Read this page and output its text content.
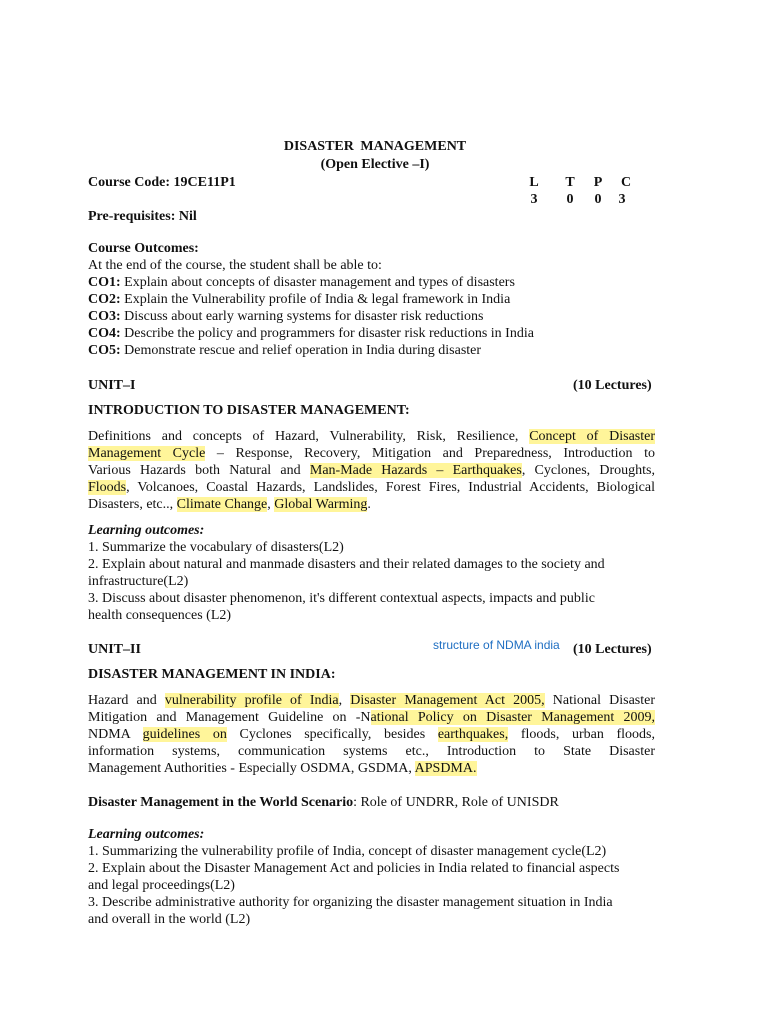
DISASTER MANAGEMENT
(Open Elective –I)
Course Code: 19CE11P1	L T P C
3 0 0 3
Pre-requisites: Nil
Course Outcomes:
At the end of the course, the student shall be able to:
CO1: Explain about concepts of disaster management and types of disasters
CO2: Explain the Vulnerability profile of India & legal framework in India
CO3: Discuss about early warning systems for disaster risk reductions
CO4: Describe the policy and programmers for disaster risk reductions in India
CO5: Demonstrate rescue and relief operation in India during disaster
UNIT–I	(10 Lectures)
INTRODUCTION TO DISASTER MANAGEMENT:
Definitions and concepts of Hazard, Vulnerability, Risk, Resilience, Concept of Disaster
Management Cycle – Response, Recovery, Mitigation and Preparedness, Introduction to
Various Hazards both Natural and Man-Made Hazards – Earthquakes, Cyclones, Droughts,
Floods, Volcanoes, Coastal Hazards, Landslides, Forest Fires, Industrial Accidents, Biological
Disasters, etc.., Climate Change, Global Warming.
Learning outcomes:
1. Summarize the vocabulary of disasters(L2)
2. Explain about natural and manmade disasters and their related damages to the society and
infrastructure(L2)
3. Discuss about disaster phenomenon, it's different contextual aspects, impacts and public
health consequences (L2)
UNIT–II	structure of NDMA india (10 Lectures)
DISASTER MANAGEMENT IN INDIA:
Hazard and vulnerability profile of India, Disaster Management Act 2005, National Disaster
Mitigation and Management Guideline on -National Policy on Disaster Management 2009,
NDMA guidelines on Cyclones specifically, besides earthquakes, floods, urban floods,
information systems, communication systems etc., Introduction to State Disaster
Management Authorities - Especially OSDMA, GSDMA, APSDMA.
Disaster Management in the World Scenario: Role of UNDRR, Role of UNISDR
Learning outcomes:
1. Summarizing the vulnerability profile of India, concept of disaster management cycle(L2)
2. Explain about the Disaster Management Act and policies in India related to financial aspects
and legal proceedings(L2)
3. Describe administrative authority for organizing the disaster management situation in India
and overall in the world (L2)
